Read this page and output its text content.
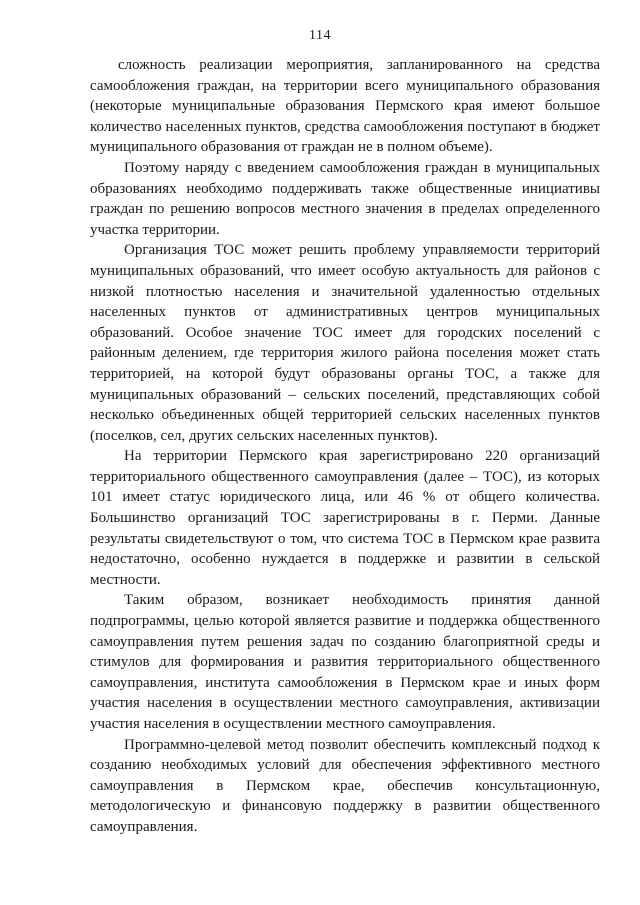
114

сложность реализации мероприятия, запланированного на средства самообложения граждан, на территории всего муниципального образования (некоторые муниципальные образования Пермского края имеют большое количество населенных пунктов, средства самообложения поступают в бюджет муниципального образования от граждан не в полном объеме).

Поэтому наряду с введением самообложения граждан в муниципальных образованиях необходимо поддерживать также общественные инициативы граждан по решению вопросов местного значения в пределах определенного участка территории.

Организация ТОС может решить проблему управляемости территорий муниципальных образований, что имеет особую актуальность для районов с низкой плотностью населения и значительной удаленностью отдельных населенных пунктов от административных центров муниципальных образований. Особое значение ТОС имеет для городских поселений с районным делением, где территория жилого района поселения может стать территорией, на которой будут образованы органы ТОС, а также для муниципальных образований – сельских поселений, представляющих собой несколько объединенных общей территорией сельских населенных пунктов (поселков, сел, других сельских населенных пунктов).

На территории Пермского края зарегистрировано 220 организаций территориального общественного самоуправления (далее – ТОС), из которых 101 имеет статус юридического лица, или 46 % от общего количества. Большинство организаций ТОС зарегистрированы в г. Перми. Данные результаты свидетельствуют о том, что система ТОС в Пермском крае развита недостаточно, особенно нуждается в поддержке и развитии в сельской местности.

Таким образом, возникает необходимость принятия данной подпрограммы, целью которой является развитие и поддержка общественного самоуправления путем решения задач по созданию благоприятной среды и стимулов для формирования и развития территориального общественного самоуправления, института самообложения в Пермском крае и иных форм участия населения в осуществлении местного самоуправления, активизации участия населения в осуществлении местного самоуправления.

Программно-целевой метод позволит обеспечить комплексный подход к созданию необходимых условий для обеспечения эффективного местного самоуправления в Пермском крае, обеспечив консультационную, методологическую и финансовую поддержку в развитии общественного самоуправления.
